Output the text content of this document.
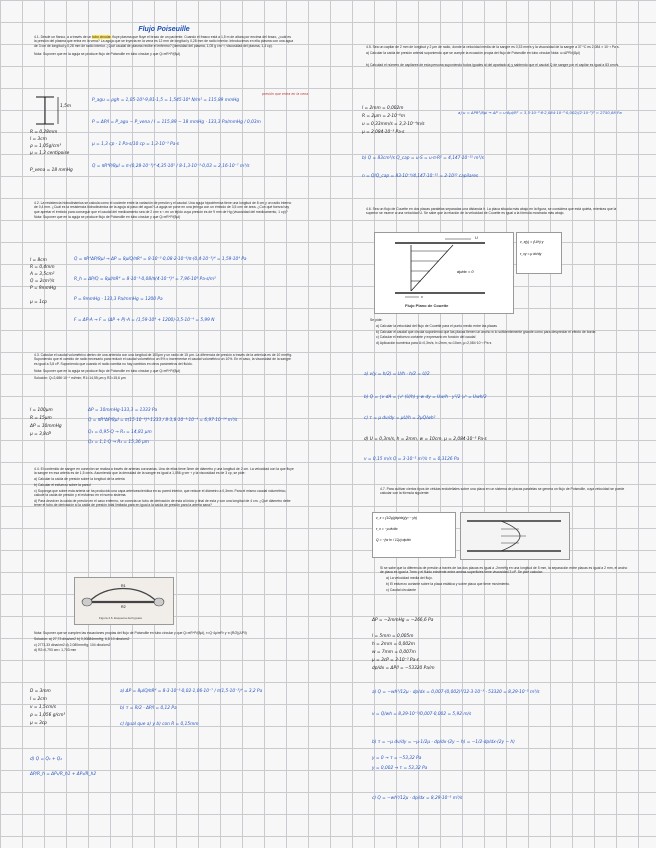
Flujo Poiseuille

4.1. Desde un flanco, a a través de un tubo circular, fluye plasma que fluye el brazo de un paciente. Cuando el frasco está a 1,5 m de altura por encima del brazo, ¿cuál es la presión del plasma que entra en la vena? La aguja que se inyecta en la vena es 12 mm de longitud y 0,28 mm de radio interior. Introducimos en ella plasma con una agua de 3 cm de longitud y 0,28 mm de radio interior. ¿Qué caudal de plasma recibe el enfermo? (densidad del plasma, 1,05 g cm⁻³; viscosidad del plasma, 1,3 cp).

Nota: Suponer que en la aguja se produce flujo de Poiseuille en tubo circular y que Q=πR⁴P/(8μl)

1,5m
P_agu = ρgh = 1,05·10³·9,81·1,5 = 1,545·10⁴ N/m² = 115,89 mmHg
presión que entra en la vena
P = ΔP/l = P_agu − P_vena / l = 115,89 − 18 mmHg · 133,3 Pa/mmHg / 0,03m
μ = 1,3 cp · 1 Pa·s/10 cp = 1,3·10⁻³ Pa·s
Q = πR⁴P/8μl = π·(0,28·10⁻³)⁴·4,35·10⁵ / 8·1,3·10⁻³·0,03 = 2,16·10⁻⁷ m³/s
R = 0,28mm
l = 3cm
ρ = 1,05g/cm³
μ = 1,3 centipoise
P_vena = 18 mmHg

4.2. La resistencia hidrodinámica se calcula como el cociente entre la variación de presión y el caudal. Una aguja hipodérmica tiene una longitud de 8 cm y un radio interno de 0,4 mm. ¿Cuál es la resistencia hidrodinámica de la aguja al paso del agua? La aguja se pone en una jeringa con un émbolo de 3,5 cm² de área. ¿Con qué fuerza hay que apretar el émbolo para conseguir que el caudal del medicamento sea de 2 cm³ s⁻¹ en un tejido cuya presión es de 9 mm de Hg (viscosidad del medicamento, 1 cp)?

Nota: Suponer que en la aguja se produce flujo de Poiseuille en tubo circular y que Q=πR⁴P/(8μl)

l = 8cm
R = 0,4mm
A = 3,5cm²
Q = 2cm³/s
P = 9mmHg
μ = 1cp
Q = πR⁴ΔP/8μl → ΔP = 8μlQ/πR⁴ = 8·10⁻³·0,08·2·10⁻⁶/π·(0,4·10⁻³)⁴ = 1,59·10⁴ Pa
R_h = ΔP/Q = 8μl/πR⁴ = 8·10⁻³·0,08/π(4·10⁻⁴)⁴ = 7,96·10⁹ Pa·s/m³
P = 9mmHg · 133,3 Pa/mmHg = 1200 Pa
F = ΔP·A → F = (ΔP + P)·A = (1,59·10⁴ + 1200)·3,5·10⁻⁴ = 5,99 N

4.3. Calcular el caudal volumétrico dentro de una arteriola con una longitud de 100μm y un radio de 15 μm. La diferencia de presión a través de la arteriola es de 10 mmHg. Suponiendo que el cambio de radio necesario para reducir el caudal volumétrico un 5% o incrementar el caudal volumétrico un 10%. En el caso, la viscosidad de la sangre es igual a 3,8 cP. Suponiendo que cuando el radio cambia no hay cambios en otros parámetros del fluido.

Nota: Suponer que en la aguja se produce flujo de Poiseuille en tubo circular y que Q=πR⁴P/(8μl)

Solución: Q=2,686·10⁻⁸ ml/min; R1=14,55 μm y R2=15,6 μm

l = 100μm
R = 15μm
ΔP = 10mmHg
μ = 3,8cP
ΔP = 10mmHg·133,3 = 1333 Pa
Q = πR⁴ΔP/8μl = π(15·10⁻⁶)⁴·1333 / 8·3,8·10⁻³·10⁻⁴ = 6,97·10⁻¹⁴ m³/s
Q₁ = 0,95·Q → R₁ = 14,81 μm
Q₂ = 1,1·Q → R₂ = 15,36 μm

4.4. El contenido de sangre en conexión se realiza a través de arterias coronarias. Una de ellas tiene 3mm de diámetro y una longitud de 2 cm. La velocidad con la que fluye la sangre en esa arteria es de 1,5 cm/s. Asumiendo que la densidad de la sangre es igual a 1,056 g·cm⁻³ y la viscosidad es de 3 cp, se pide:

a) Calcular la caída de presión sobre la longitud de la arteria

b) Calcular el esfuerzo sobre la pared

c) Suponga que sobre esta arteria se ha producido una capa arterioesclerótica en su pared interior, que reduce el diámetro a 0,3mm. Para el mismo caudal volumétrico, calcule la caída de presión y el esfuerzo en el nuevo sistema.

d) Para devolver la caída de presión en el caso enfermo, se conecta un tubo de derivación de esta al inicio y final de esta y con una longitud de 4 cm. ¿Qué diámetro debe tener el tubo de derivación si la caída de presión total limitada para en igual a la caída de presión para la arteria sana?

R1
R2
Figura 4.6. Esquema del bypass

Nota: Suponer que se cumplen las ecuaciones propias del flujo de Poiseuille en tubo circular y que Q=πR⁴P/(8μl), τ=Q·4μ/πR³ y τ=(R/2)(ΔP/l)

Solución: a) 27,73 dina/cm2 b) 0,00884mmHg; 6,8·10 dina/cm2

c) 2773,33 dina/cm2 d) 2,080mmHg; 104 dina/cm2

d) R2=0,793 cm= 1,703 mm

D = 3mm
l = 2cm
v = 1,5cm/s
ρ = 1,056 g/cm³
μ = 3cp
a) ΔP = 8μlQ/πR⁴ = 8·3·10⁻³·0,02·1,06·10⁻⁷ / π(1,5·10⁻³)⁴ = 3,2 Pa
b) τ = R/2 · ΔP/l = 0,12 Pa
c) Igual que a) y b) con R = 0,15mm
d) Q = Q₁ + Q₂
ΔP/R_h = ΔP₁/R_h1 + ΔP₂/R_h2

4.5. Sea un capilar de 2 mm de longitud y 2 μm de radio, donde la velocidad media de la sangre es 0,33 mm/s y la viscosidad de la sangre a 37 ºC es 2,084 × 10⁻³ Pa s.

a) Calcular la caída de presión arterial suponiendo que se cumple la ecuación propia del flujo de Poiseuille en tubo circular Nota: u=ΔPR²/(8μl)

b) Calculad el número de capilares de esta persona suponiendo todos iguales al del apartado a) y sabiendo que el caudal Q de sangre por el capilar es igual a 83 cm³/s.

l = 2mm = 0,002m
R = 2μm = 2·10⁻⁶m
u = 0,33mm/s = 3,3·10⁻⁴m/s
μ = 2,084·10⁻³ Pa·s
a) u = ΔPR²/8μl → ΔP = u·8μl/R² = 3,3·10⁻⁴·8·2,084·10⁻³·0,002/(2·10⁻⁶)² = 2750,88 Pa
b) Q = 83cm³/s Q_cap = u·S = u·π·R² = 4,147·10⁻¹⁵ m³/s
n = Q/Q_cap = 83·10⁻⁶/4,147·10⁻¹⁵ = 2·10¹⁰ capilares

4.6. Sea un flujo de Couette en dos placas paralelas separadas una distancia h. La placa situada más abajo en la figura, se considera que está quieta, mientras que la superior se mueve a una velocidad U. Se sabe que la relación de la velocidad de Couette es igual a la fórmula mostrada más abajo.

U
dp/dx = 0
x
Flujo Plano de Couette
v_x(y) = (U/h)·y
τ_xy = μ dv/dy

Se pide:

a) Calcular la velocidad del flujo de Couette para el punto medio entre las placas

b) Calcular el caudal que circula suponiendo que las placas tienen un ancho w lo suficientemente grande como para despreciar el efecto de borde.

c) Calcular el esfuerzo cortante y expresarlo en función del caudal

d) Aplicación numérica para U=0,3m/s, h=2mm, w=10cm, μ=2,084·10⁻³ Pa·s

a) v(y = h/2) = U/h · h/2 = U/2
b) Q = ∫v dA = ∫₀ʰ (U/h)·y·w dy = Uw/h · y²/2 |₀ʰ = Uwh/2
c) τ = μ dv/dy = μU/h = 2μQ/wh²
d) U = 0,3m/s, h = 2mm, w = 10cm, μ = 2,084·10⁻³ Pa·s
v = 0,15 m/s Q = 3·10⁻⁵ m³/s τ = 0,3126 Pa

4.7. Para cultivar ciertos tipos de células endoteliales sobre una placa en un sistema de placas paralelas se genera un flujo de Poiseuille, cuya velocidad se puede calcular con la fórmula siguiente:

v_x = (1/2μ)(dp/dx)(y² − yh)
τ_x = −μ dv/dx
Q = −(w h³ / 12μ) dp/dx

Si se sabe que la diferencia de presión a través de las dos placas es igual a -2mmHg en una longitud de 5 mm, la separación entre placas es igual a 2 mm, el ancho de placa es igual a 7mm y el fluido existente entre ambas superficies tiene viscosidad 3 cP. Se pide calcular:

a) La velocidad media del flujo.

b) El esfuerzo cortante sobre la placa estática y sobre placa que tiene movimiento.

c) Caudal circulante

ΔP = −2mmHg = −266,6 Pa
l = 5mm = 0,005m
h = 2mm = 0,002m
w = 7mm = 0,007m
μ = 3cP = 3·10⁻³ Pa·s
dp/dx = ΔP/l = −53320 Pa/m
a) Q = −wh³/12μ · dp/dx = 0,007·(0,002)³/12·3·10⁻³ · 53320 = 8,29·10⁻⁵ m³/s
v = Q/wh = 8,29·10⁻⁵/0,007·0,002 = 5,92 m/s
b) τ = −μ dv/dy = −μ·1/2μ · dp/dx·(2y − h) = −1/2·dp/dx·(2y − h)
y = 0 → τ = −53,32 Pa
y = 0,002 → τ = 53,32 Pa
c) Q = −wh³/12μ · dp/dx = 8,29·10⁻⁵ m³/s
